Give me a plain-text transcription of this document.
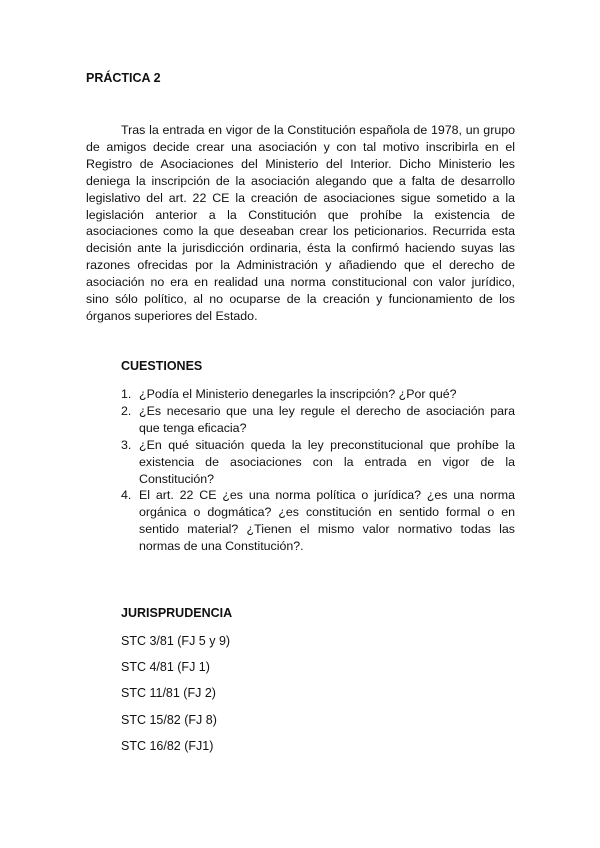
PRÁCTICA 2

Tras la entrada en vigor de la Constitución española de 1978, un grupo de amigos decide crear una asociación y con tal motivo inscribirla en el Registro de Asociaciones del Ministerio del Interior. Dicho Ministerio les deniega la inscripción de la asociación alegando que a falta de desarrollo legislativo del art. 22 CE la creación de asociaciones sigue sometido a la legislación anterior a la Constitución que prohíbe la existencia de asociaciones como la que deseaban crear los peticionarios. Recurrida esta decisión ante la jurisdicción ordinaria, ésta la confirmó haciendo suyas las razones ofrecidas por la Administración y añadiendo que el derecho de asociación no era en realidad una norma constitucional con valor jurídico, sino sólo político, al no ocuparse de la creación y funcionamiento de los órganos superiores del Estado.

CUESTIONES
1. ¿Podía el Ministerio denegarles la inscripción? ¿Por qué?
2. ¿Es necesario que una ley regule el derecho de asociación para que tenga eficacia?
3. ¿En qué situación queda la ley preconstitucional que prohíbe la existencia de asociaciones con la entrada en vigor de la Constitución?
4. El art. 22 CE ¿es una norma política o jurídica? ¿es una norma orgánica o dogmática? ¿es constitución en sentido formal o en sentido material? ¿Tienen el mismo valor normativo todas las normas de una Constitución?.
JURISPRUDENCIA
STC 3/81 (FJ 5 y 9)
STC 4/81 (FJ 1)
STC 11/81 (FJ 2)
STC 15/82 (FJ 8)
STC 16/82 (FJ1)
